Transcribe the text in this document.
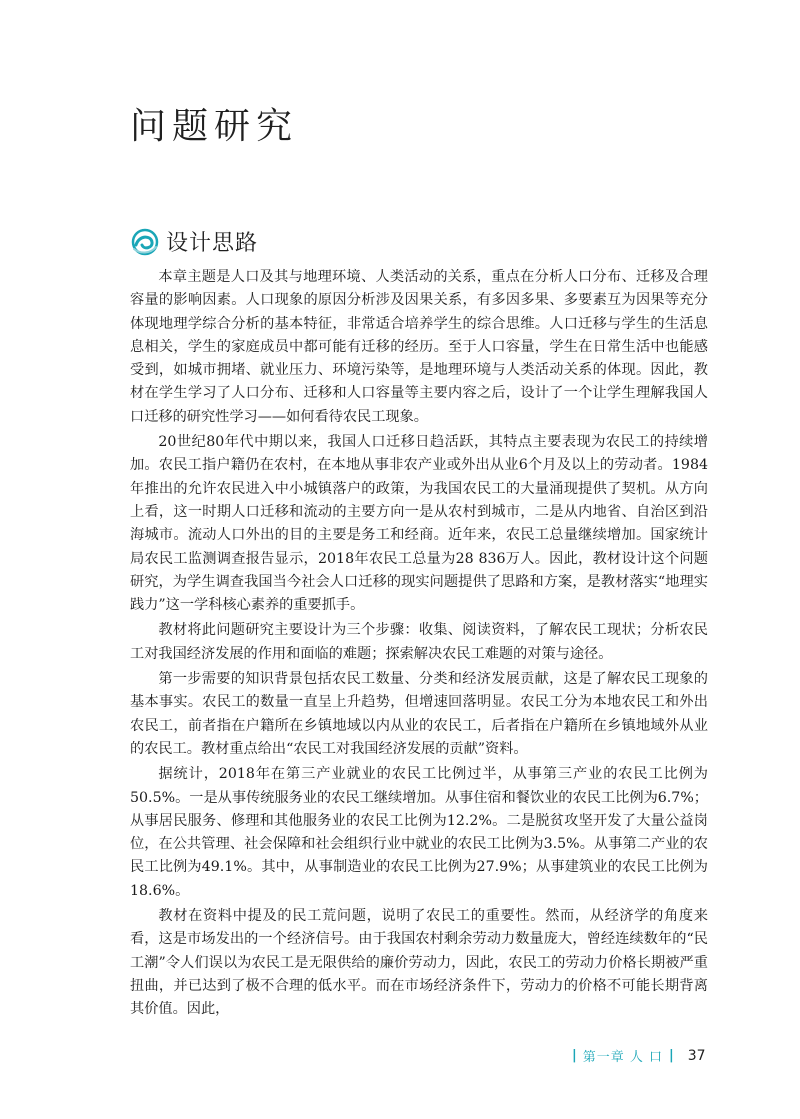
问题研究
设计思路

本章主题是人口及其与地理环境、人类活动的关系，重点在分析人口分布、迁移及合理容量的影响因素。人口现象的原因分析涉及因果关系，有多因多果、多要素互为因果等充分体现地理学综合分析的基本特征，非常适合培养学生的综合思维。人口迁移与学生的生活息息相关，学生的家庭成员中都可能有迁移的经历。至于人口容量，学生在日常生活中也能感受到，如城市拥堵、就业压力、环境污染等，是地理环境与人类活动关系的体现。因此，教材在学生学习了人口分布、迁移和人口容量等主要内容之后，设计了一个让学生理解我国人口迁移的研究性学习——如何看待农民工现象。

20世纪80年代中期以来，我国人口迁移日趋活跃，其特点主要表现为农民工的持续增加。农民工指户籍仍在农村，在本地从事非农产业或外出从业6个月及以上的劳动者。1984年推出的允许农民进入中小城镇落户的政策，为我国农民工的大量涌现提供了契机。从方向上看，这一时期人口迁移和流动的主要方向一是从农村到城市，二是从内地省、自治区到沿海城市。流动人口外出的目的主要是务工和经商。近年来，农民工总量继续增加。国家统计局农民工监测调查报告显示，2018年农民工总量为28 836万人。因此，教材设计这个问题研究，为学生调查我国当今社会人口迁移的现实问题提供了思路和方案，是教材落实“地理实践力”这一学科核心素养的重要抓手。

教材将此问题研究主要设计为三个步骤：收集、阅读资料，了解农民工现状；分析农民工对我国经济发展的作用和面临的难题；探索解决农民工难题的对策与途径。

第一步需要的知识背景包括农民工数量、分类和经济发展贡献，这是了解农民工现象的基本事实。农民工的数量一直呈上升趋势，但增速回落明显。农民工分为本地农民工和外出农民工，前者指在户籍所在乡镇地域以内从业的农民工，后者指在户籍所在乡镇地域外从业的农民工。教材重点给出“农民工对我国经济发展的贡献”资料。

据统计，2018年在第三产业就业的农民工比例过半，从事第三产业的农民工比例为50.5%。一是从事传统服务业的农民工继续增加。从事住宿和餐饮业的农民工比例为6.7%；从事居民服务、修理和其他服务业的农民工比例为12.2%。二是脱贫攻坚开发了大量公益岗位，在公共管理、社会保障和社会组织行业中就业的农民工比例为3.5%。从事第二产业的农民工比例为49.1%。其中，从事制造业的农民工比例为27.9%；从事建筑业的农民工比例为18.6%。

教材在资料中提及的民工荒问题，说明了农民工的重要性。然而，从经济学的角度来看，这是市场发出的一个经济信号。由于我国农村剩余劳动力数量庞大，曾经连续数年的“民工潮”令人们误以为农民工是无限供给的廉价劳动力，因此，农民工的劳动力价格长期被严重扭曲，并已达到了极不合理的低水平。而在市场经济条件下，劳动力的价格不可能长期背离其价值。因此，

| 第一章 人 口 | 37
